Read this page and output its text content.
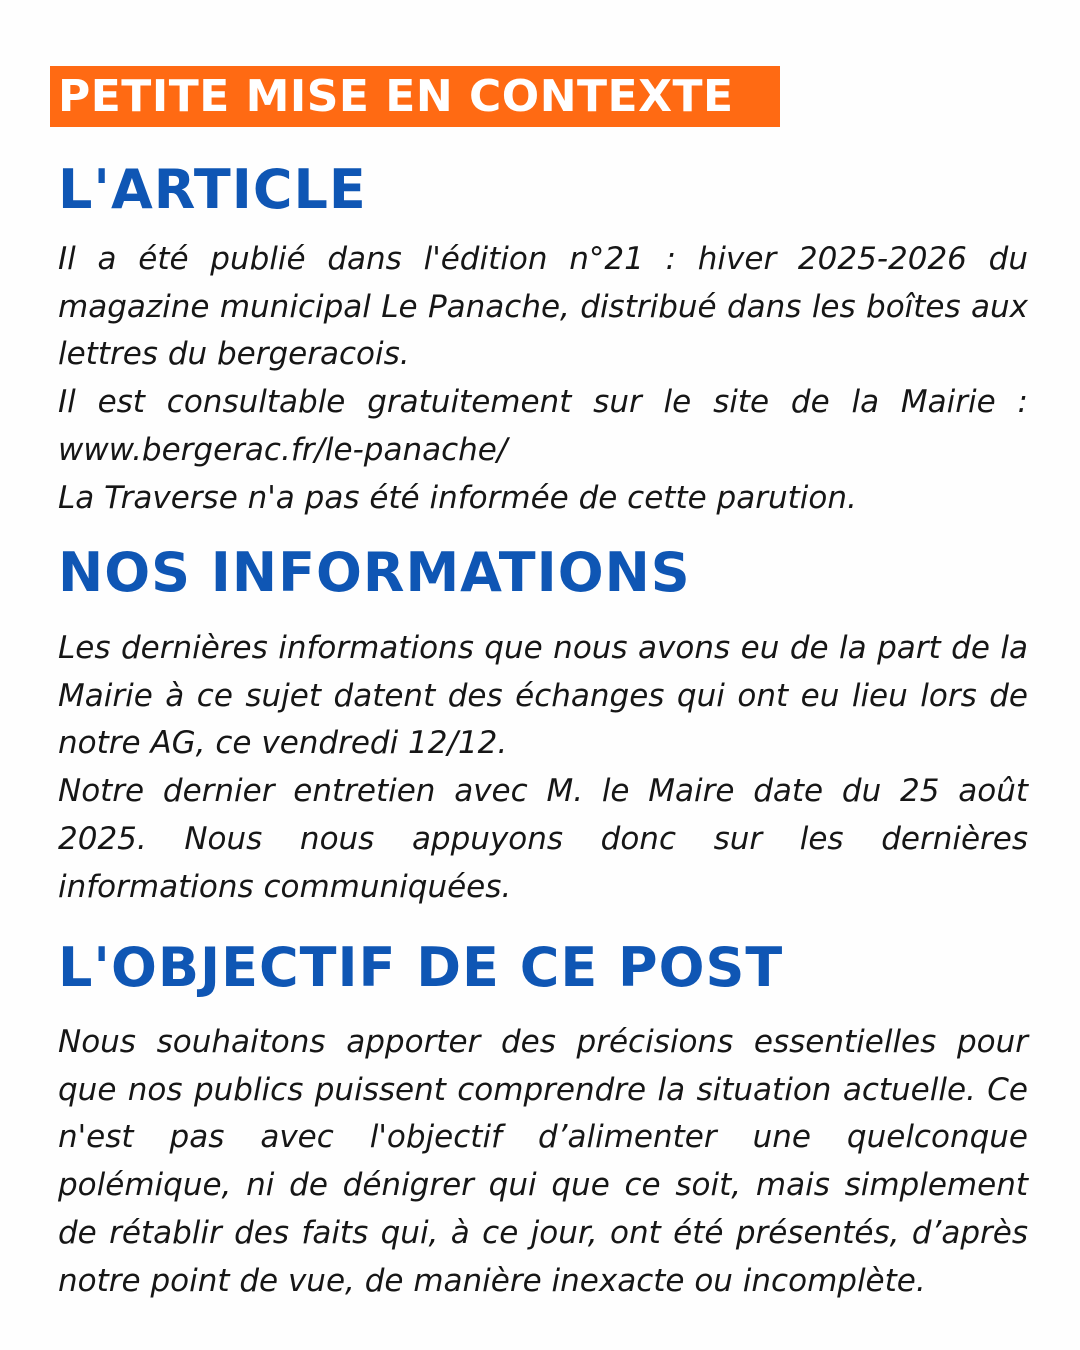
PETITE MISE EN CONTEXTE
L'ARTICLE

Il a été publié dans l'édition n°21 : hiver 2025-2026 du magazine municipal Le Panache, distribué dans les boîtes aux lettres du bergeracois.

Il est consultable gratuitement sur le site de la Mairie : www.bergerac.fr/le-panache/

La Traverse n'a pas été informée de cette parution.

NOS INFORMATIONS

Les dernières informations que nous avons eu de la part de la Mairie à ce sujet datent des échanges qui ont eu lieu lors de notre AG, ce vendredi 12/12.

Notre dernier entretien avec M. le Maire date du 25 août 2025. Nous nous appuyons donc sur les dernières informations communiquées.

L'OBJECTIF DE CE POST

Nous souhaitons apporter des précisions essentielles pour que nos publics puissent comprendre la situation actuelle. Ce n'est pas avec l'objectif d’alimenter une quelconque polémique, ni de dénigrer qui que ce soit, mais simplement de rétablir des faits qui, à ce jour, ont été présentés, d’après notre point de vue, de manière inexacte ou incomplète.
